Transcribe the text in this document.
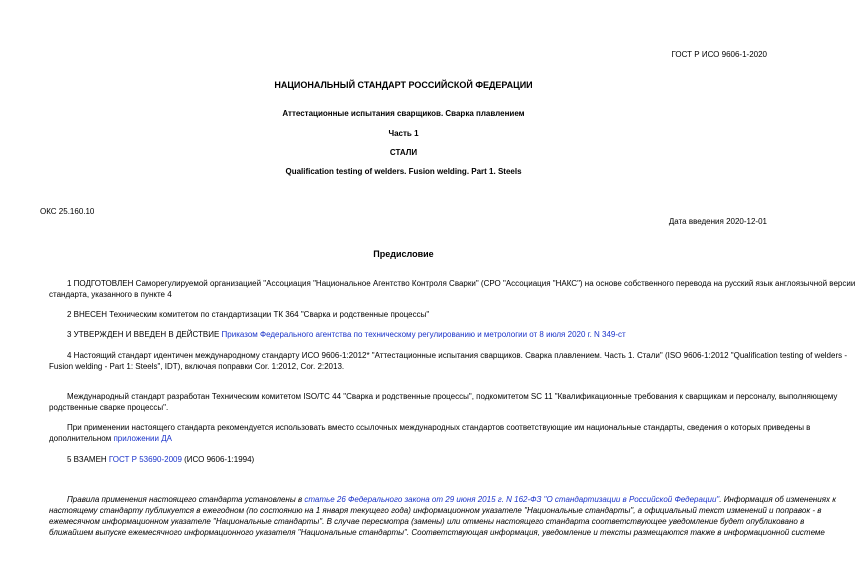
ГОСТ Р ИСО 9606-1-2020
НАЦИОНАЛЬНЫЙ СТАНДАРТ РОССИЙСКОЙ ФЕДЕРАЦИИ
Аттестационные испытания сварщиков. Сварка плавлением
Часть 1
СТАЛИ
Qualification testing of welders. Fusion welding. Part 1. Steels
ОКС 25.160.10
Дата введения 2020-12-01
Предисловие
1 ПОДГОТОВЛЕН Саморегулируемой организацией "Ассоциация "Национальное Агентство Контроля Сварки" (СРО "Ассоциация "НАКС") на основе собственного перевода на русский язык англоязычной версии
стандарта, указанного в пункте 4
2 ВНЕСЕН Техническим комитетом по стандартизации ТК 364 "Сварка и родственные процессы"
3 УТВЕРЖДЕН И ВВЕДЕН В ДЕЙСТВИЕ Приказом Федерального агентства по техническому регулированию и метрологии от 8 июля 2020 г. N 349-ст
4 Настоящий стандарт идентичен международному стандарту ИСО 9606-1:2012* "Аттестационные испытания сварщиков. Сварка плавлением. Часть 1. Стали" (ISO 9606-1:2012 "Qualification testing of welders -
Fusion welding - Part 1: Steels", IDT), включая поправки Cor. 1:2012, Cor. 2:2013.
Международный стандарт разработан Техническим комитетом ISO/TC 44 "Сварка и родственные процессы", подкомитетом SC 11 "Квалификационные требования к сварщикам и персоналу, выполняющему
родственные сварке процессы".
При применении настоящего стандарта рекомендуется использовать вместо ссылочных международных стандартов соответствующие им национальные стандарты, сведения о которых приведены в
дополнительном приложении ДА
5 ВЗАМЕН ГОСТ Р 53690-2009 (ИСО 9606-1:1994)
Правила применения настоящего стандарта установлены в статье 26 Федерального закона от 29 июня 2015 г. N 162-ФЗ "О стандартизации в Российской Федерации". Информация об изменениях к
настоящему стандарту публикуется в ежегодном (по состоянию на 1 января текущего года) информационном указателе "Национальные стандарты", а официальный текст изменений и поправок - в
ежемесячном информационном указателе "Национальные стандарты". В случае пересмотра (замены) или отмены настоящего стандарта соответствующее уведомление будет опубликовано в
ближайшем выпуске ежемесячного информационного указателя "Национальные стандарты". Соответствующая информация, уведомление и тексты размещаются также в информационной системе
